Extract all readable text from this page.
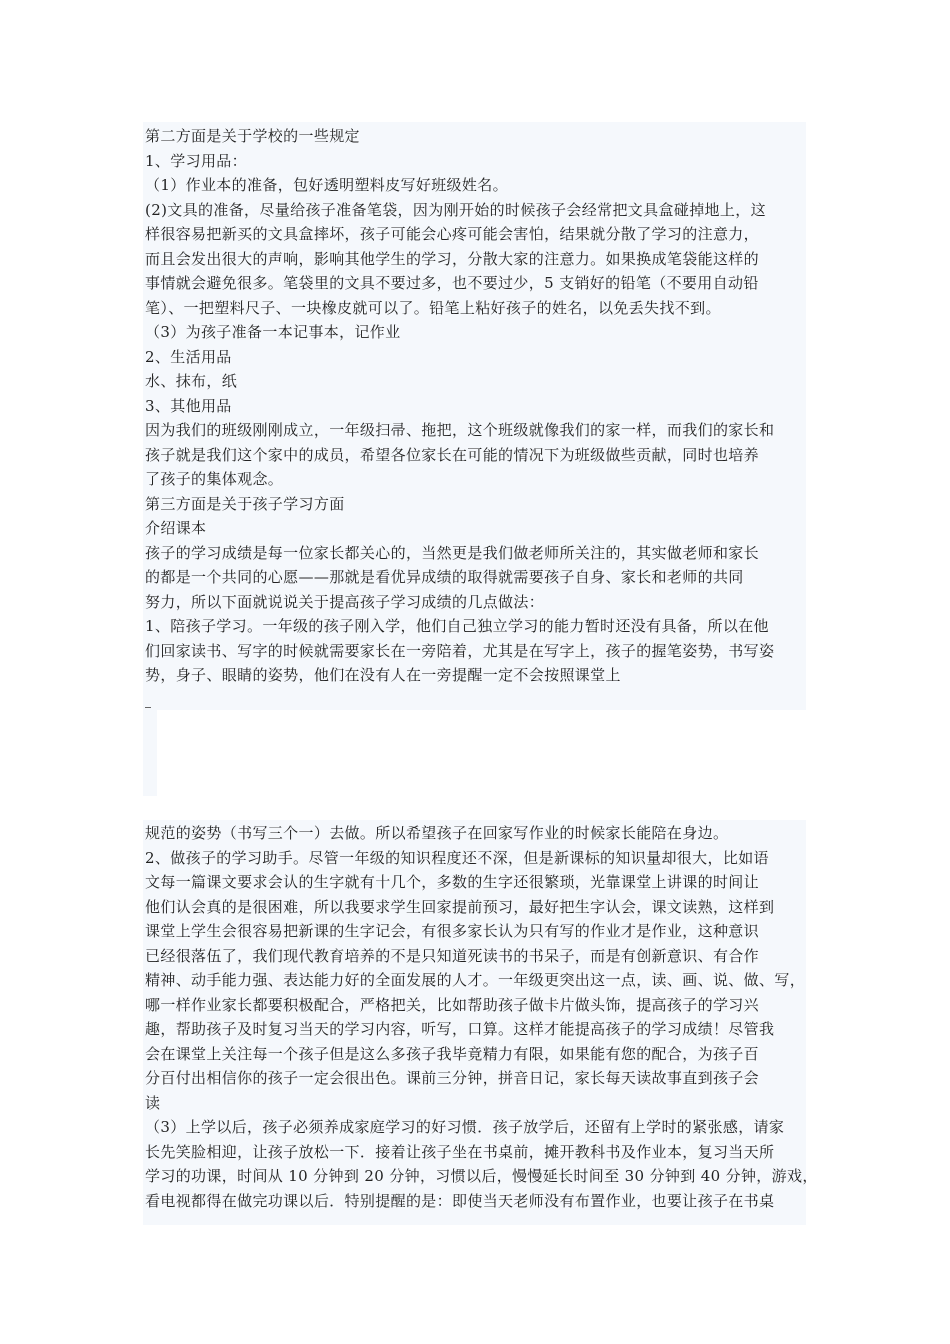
第二方面是关于学校的一些规定
1、学习用品：
（1）作业本的准备，包好透明塑料皮写好班级姓名。
(2)文具的准备，尽量给孩子准备笔袋，因为刚开始的时候孩子会经常把文具盒碰掉地上，这
样很容易把新买的文具盒摔坏，孩子可能会心疼可能会害怕，结果就分散了学习的注意力，
而且会发出很大的声响，影响其他学生的学习，分散大家的注意力。如果换成笔袋能这样的
事情就会避免很多。笔袋里的文具不要过多，也不要过少，5 支销好的铅笔（不要用自动铅
笔）、一把塑料尺子、一块橡皮就可以了。铅笔上粘好孩子的姓名，以免丢失找不到。
（3）为孩子准备一本记事本，记作业
2、生活用品
水、抹布，纸
3、其他用品
因为我们的班级刚刚成立，一年级扫帚、拖把，这个班级就像我们的家一样，而我们的家长和
孩子就是我们这个家中的成员，希望各位家长在可能的情况下为班级做些贡献，同时也培养
了孩子的集体观念。
第三方面是关于孩子学习方面
介绍课本
孩子的学习成绩是每一位家长都关心的，当然更是我们做老师所关注的，其实做老师和家长
的都是一个共同的心愿——那就是看优异成绩的取得就需要孩子自身、家长和老师的共同
努力，所以下面就说说关于提高孩子学习成绩的几点做法：
1、陪孩子学习。一年级的孩子刚入学，他们自己独立学习的能力暂时还没有具备，所以在他
们回家读书、写字的时候就需要家长在一旁陪着，尤其是在写字上，孩子的握笔姿势，书写姿
势，身子、眼睛的姿势，他们在没有人在一旁提醒一定不会按照课堂上
规范的姿势（书写三个一）去做。所以希望孩子在回家写作业的时候家长能陪在身边。
2、做孩子的学习助手。尽管一年级的知识程度还不深，但是新课标的知识量却很大，比如语
文每一篇课文要求会认的生字就有十几个，多数的生字还很繁琐，光靠课堂上讲课的时间让
他们认会真的是很困难，所以我要求学生回家提前预习，最好把生字认会，课文读熟，这样到
课堂上学生会很容易把新课的生字记会，有很多家长认为只有写的作业才是作业，这种意识
已经很落伍了，我们现代教育培养的不是只知道死读书的书呆子，而是有创新意识、有合作
精神、动手能力强、表达能力好的全面发展的人才。一年级更突出这一点，读、画、说、做、写，
哪一样作业家长都要积极配合，严格把关，比如帮助孩子做卡片做头饰，提高孩子的学习兴
趣，帮助孩子及时复习当天的学习内容，听写，口算。这样才能提高孩子的学习成绩！尽管我
会在课堂上关注每一个孩子但是这么多孩子我毕竟精力有限，如果能有您的配合，为孩子百
分百付出相信你的孩子一定会很出色。课前三分钟，拼音日记，家长每天读故事直到孩子会
读
（3）上学以后，孩子必须养成家庭学习的好习惯．孩子放学后，还留有上学时的紧张感，请家
长先笑脸相迎，让孩子放松一下．接着让孩子坐在书桌前，摊开教科书及作业本，复习当天所
学习的功课，时间从 10 分钟到 20 分钟，习惯以后，慢慢延长时间至 30 分钟到 40 分钟，游戏，
看电视都得在做完功课以后．特别提醒的是：即使当天老师没有布置作业，也要让孩子在书桌
